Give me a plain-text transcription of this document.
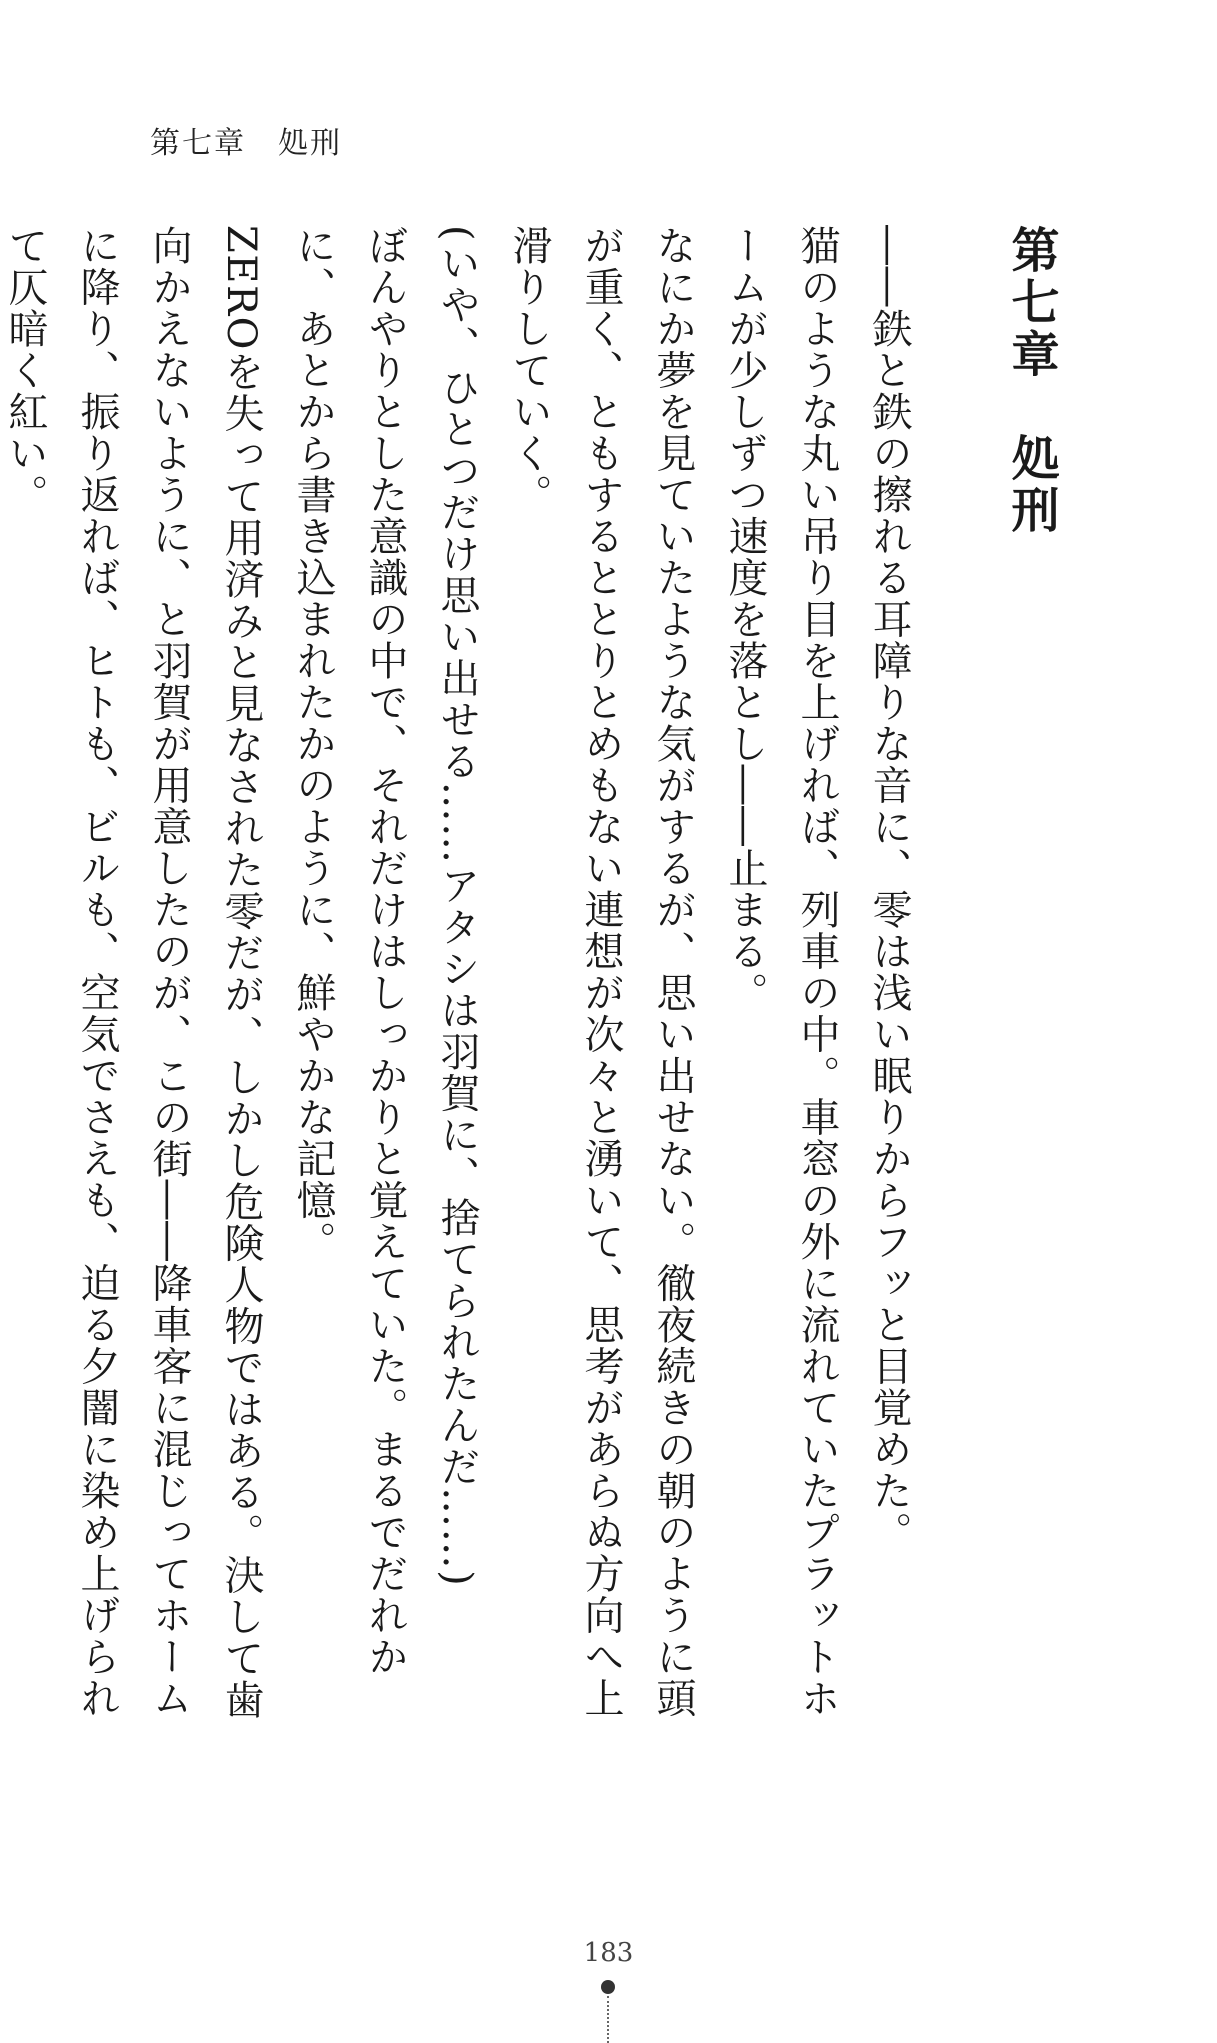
第七章　処刑
第七章　処刑
――鉄と鉄の擦れる耳障りな音に、零は浅い眠りからフッと目覚めた。
猫のような丸い吊り目を上げれば、列車の中。車窓の外に流れていたプラットホームが少しずつ速度を落とし――止まる。
なにか夢を見ていたような気がするが、思い出せない。徹夜続きの朝のように頭が重く、ともするととりとめもない連想が次々と湧いて、思考があらぬ方向へ上滑りしていく。
(いや、ひとつだけ思い出せる……アタシは羽賀に、捨てられたんだ……)
ぼんやりとした意識の中で、それだけはしっかりと覚えていた。まるでだれかに、あとから書き込まれたかのように、鮮やかな記憶。
ZEROを失って用済みと見なされた零だが、しかし危険人物ではある。決して歯向かえないように、と羽賀が用意したのが、この街――降車客に混じってホームに降り、振り返れば、ヒトも、ビルも、空気でさえも、迫る夕闇に染め上げられて仄暗く紅い。
183
